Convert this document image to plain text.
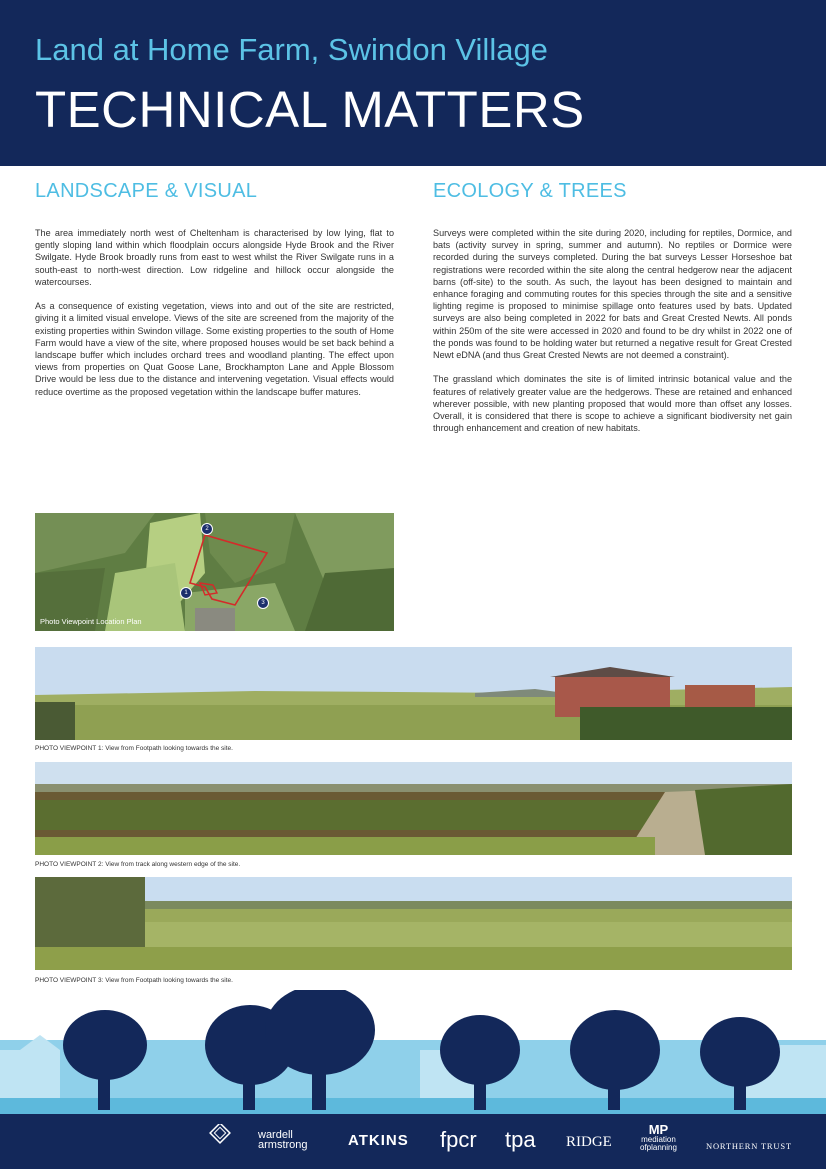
Land at Home Farm, Swindon Village
TECHNICAL MATTERS
LANDSCAPE & VISUAL

The area immediately north west of Cheltenham is characterised by low lying, flat to gently sloping land within which floodplain occurs alongside Hyde Brook and the River Swilgate. Hyde Brook broadly runs from east to west whilst the River Swilgate runs in a south-east to north-west direction. Low ridgeline and hillock occur alongside the watercourses.

As a consequence of existing vegetation, views into and out of the site are restricted, giving it a limited visual envelope. Views of the site are screened from the majority of the existing properties within Swindon village. Some existing properties to the south of Home Farm would have a view of the site, where proposed houses would be set back behind a landscape buffer which includes orchard trees and woodland planting. The effect upon views from properties on Quat Goose Lane, Brockhampton Lane and Apple Blossom Drive would be less due to the distance and intervening vegetation. Visual effects would reduce overtime as the proposed vegetation within the landscape buffer matures.

ECOLOGY & TREES

Surveys were completed within the site during 2020, including for reptiles, Dormice, and bats (activity survey in spring, summer and autumn). No reptiles or Dormice were recorded during the surveys completed. During the bat surveys Lesser Horseshoe bat registrations were recorded within the site along the central hedgerow near the adjacent barns (off-site) to the south. As such, the layout has been designed to maintain and enhance foraging and commuting routes for this species through the site and a sensitive lighting regime is proposed to minimise spillage onto features used by bats. Updated surveys are also being completed in 2022 for bats and Great Crested Newts. All ponds within 250m of the site were accessed in 2020 and found to be dry whilst in 2022 one of the ponds was found to be holding water but returned a negative result for Great Crested Newt eDNA (and thus Great Crested Newts are not deemed a constraint).

The grassland which dominates the site is of limited intrinsic botanical value and the features of relatively greater value are the hedgerows. These are retained and enhanced wherever possible, with new planting proposed that would more than offset any losses. Overall, it is considered that there is scope to achieve a significant biodiversity net gain through enhancement and creation of new habitats.

1
2
3
Photo Viewpoint Location Plan
PHOTO VIEWPOINT 1: View from Footpath looking towards the site.
PHOTO VIEWPOINT 2: View from track along western edge of the site.
PHOTO VIEWPOINT 3: View from Footpath looking towards the site.
wardell
armstrong	ATKINS fpcr tpa RIDGE
MP
mediation
ofplanning	NORTHERN TRUST
